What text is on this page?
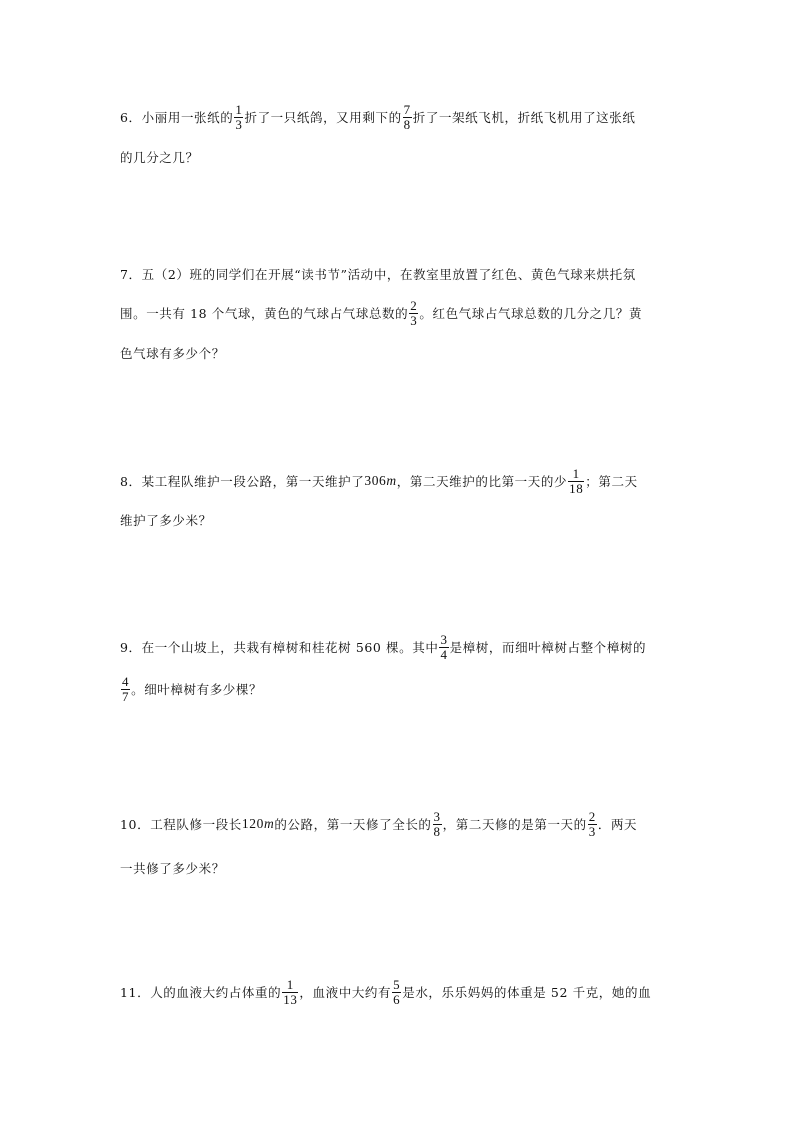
6．小丽用一张纸的 $\frac{1}{3}$ 折了一只纸鸽，又用剩下的 $\frac{7}{8}$ 折了一架纸飞机，折纸飞机用了这张纸
的几分之几？
7．五（2）班的同学们在开展“读书节”活动中，在教室里放置了红色、黄色气球来烘托氛
围。一共有 18 个气球，黄色的气球占气球总数的 $\frac{2}{3}$ 。红色气球占气球总数的几分之几？黄
色气球有多少个？
8．某工程队维护一段公路，第一天维护了 306 m ，第二天维护的比第一天的少 $\frac{1}{18}$ ；第二天
维护了多少米？
9．在一个山坡上，共栽有樟树和桂花树 560 棵。其中 $\frac{3}{4}$ 是樟树，而细叶樟树占整个樟树的
$\frac{4}{7}$ 。细叶樟树有多少棵？
10．工程队修一段长 120 m 的公路，第一天修了全长的 $\frac{3}{8}$ ，第二天修的是第一天的 $\frac{2}{3}$ ．两天
一共修了多少米？
11．人的血液大约占体重的 $\frac{1}{13}$ ，血液中大约有 $\frac{5}{6}$ 是水，乐乐妈妈的体重是 52 千克，她的血
